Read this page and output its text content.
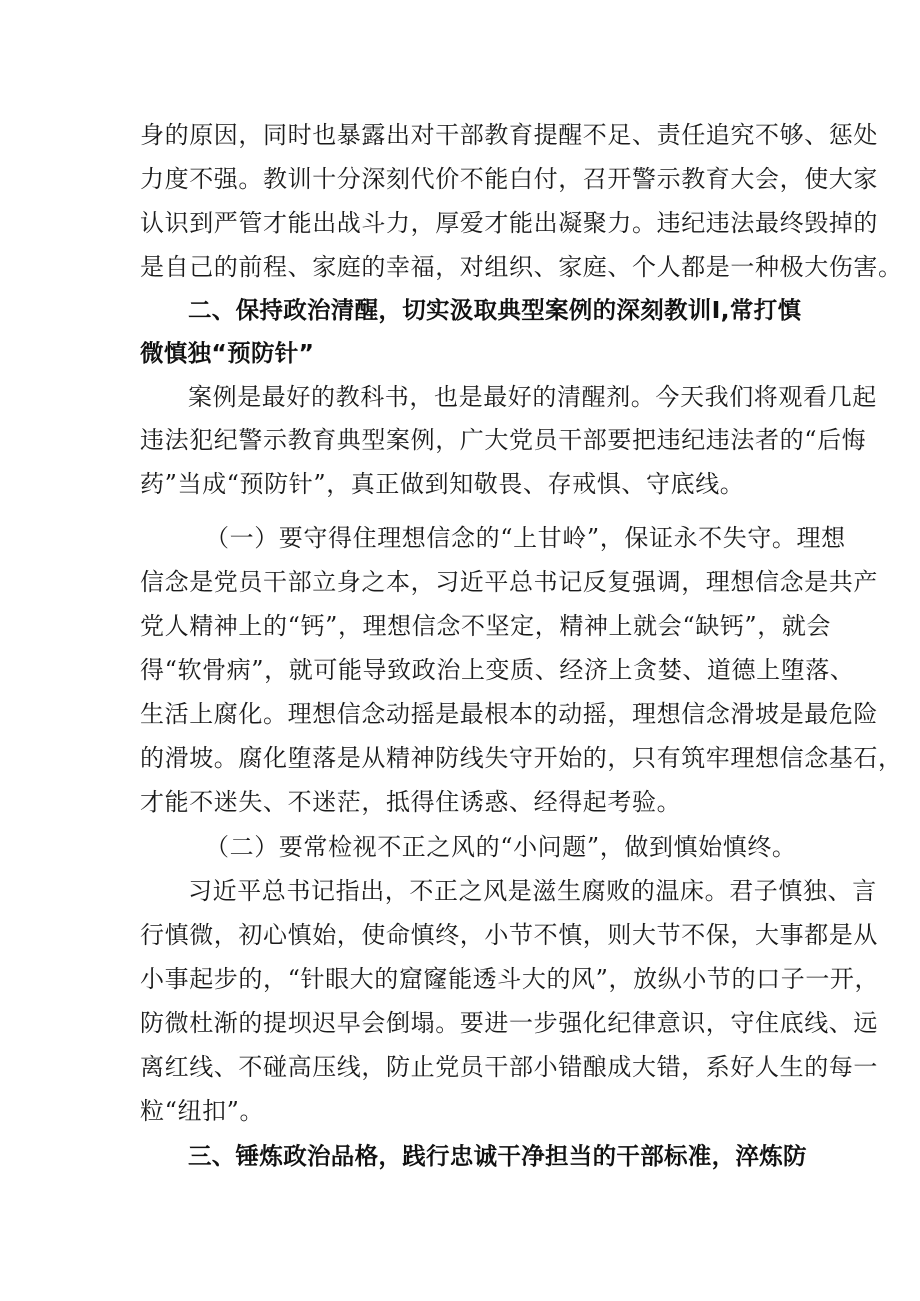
身的原因，同时也暴露出对干部教育提醒不足、责任追究不够、惩处
力度不强。教训十分深刻代价不能白付，召开警示教育大会，使大家
认识到严管才能出战斗力，厚爱才能出凝聚力。违纪违法最终毁掉的
是自己的前程、家庭的幸福，对组织、家庭、个人都是一种极大伤害。
二、保持政治清醒，切实汲取典型案例的深刻教训I,常打慎
微慎独“预防针”
案例是最好的教科书，也是最好的清醒剂。今天我们将观看几起
违法犯纪警示教育典型案例，广大党员干部要把违纪违法者的“后悔
药”当成“预防针”，真正做到知敬畏、存戒惧、守底线。
（一）要守得住理想信念的“上甘岭”，保证永不失守。理想
信念是党员干部立身之本，习近平总书记反复强调，理想信念是共产
党人精神上的“钙”，理想信念不坚定，精神上就会“缺钙”，就会
得“软骨病”，就可能导致政治上变质、经济上贪婪、道德上堕落、
生活上腐化。理想信念动摇是最根本的动摇，理想信念滑坡是最危险
的滑坡。腐化堕落是从精神防线失守开始的，只有筑牢理想信念基石，
才能不迷失、不迷茫，抵得住诱惑、经得起考验。
（二）要常检视不正之风的“小问题”，做到慎始慎终。
习近平总书记指出，不正之风是滋生腐败的温床。君子慎独、言
行慎微，初心慎始，使命慎终，小节不慎，则大节不保，大事都是从
小事起步的，“针眼大的窟窿能透斗大的风”，放纵小节的口子一开，
防微杜渐的提坝迟早会倒塌。要进一步强化纪律意识，守住底线、远
离红线、不碰高压线，防止党员干部小错酿成大错，系好人生的每一
粒“纽扣”。
三、锤炼政治品格，践行忠诚干净担当的干部标准，淬炼防
